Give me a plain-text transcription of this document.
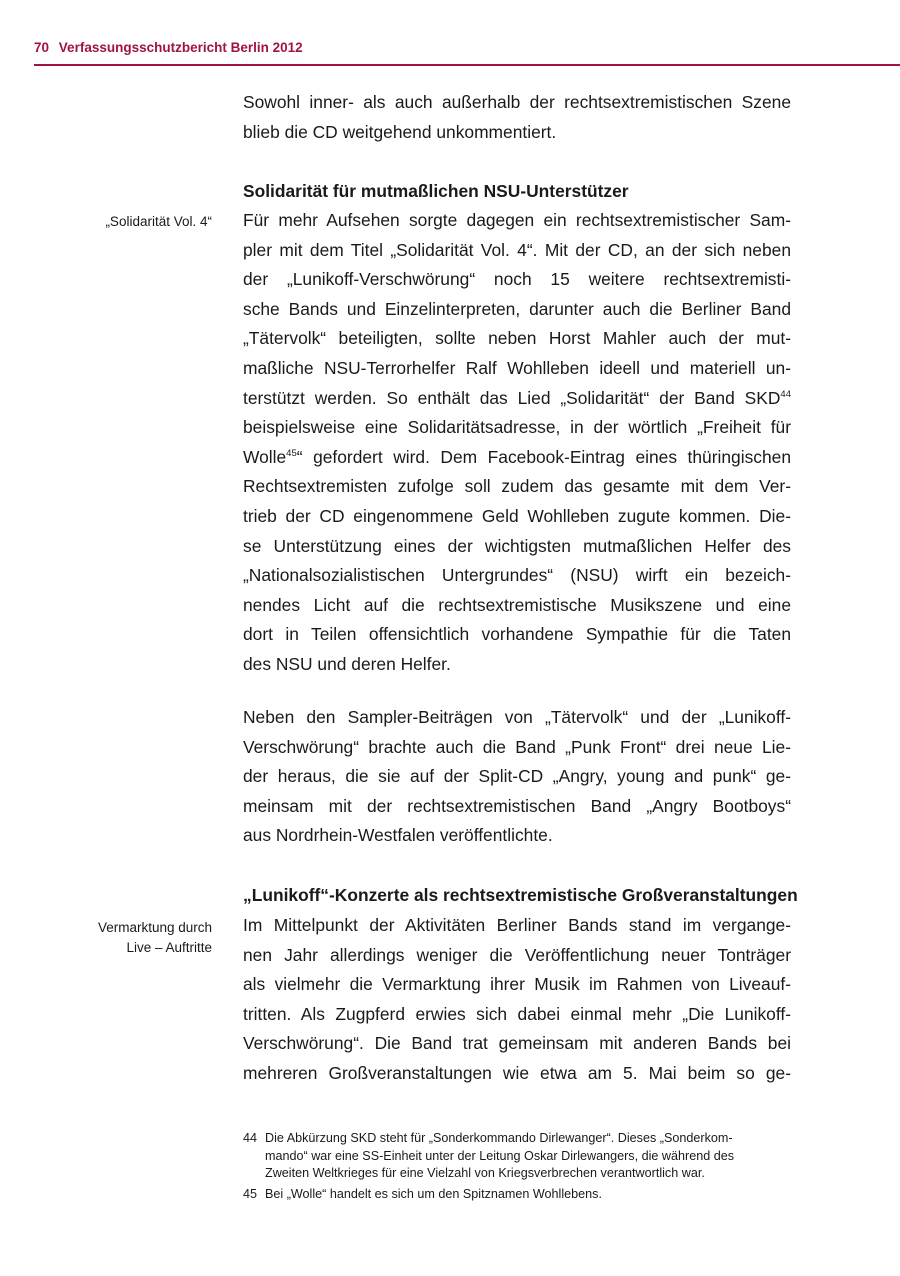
70 Verfassungsschutzbericht Berlin 2012
Sowohl inner- als auch außerhalb der rechtsextremistischen Szene
blieb die CD weitgehend unkommentiert.
Solidarität für mutmaßlichen NSU-Unterstützer
„Solidarität Vol. 4“ Für mehr Aufsehen sorgte dagegen ein rechtsextremistischer Sam-
pler mit dem Titel „Solidarität Vol. 4“. Mit der CD, an der sich neben
der „Lunikoff-Verschwörung“ noch 15 weitere rechtsextremisti-
sche Bands und Einzelinterpreten, darunter auch die Berliner Band
„Tätervolk“ beteiligten, sollte neben Horst Mahler auch der mut-
maßliche NSU-Terrorhelfer Ralf Wohlleben ideell und materiell un-
terstützt werden. So enthält das Lied „Solidarität“ der Band SKD$^{44}$
beispielsweise eine Solidaritätsadresse, in der wörtlich „Freiheit für
Wolle$^{45}$“ gefordert wird. Dem Facebook-Eintrag eines thüringischen
Rechtsextremisten zufolge soll zudem das gesamte mit dem Ver-
trieb der CD eingenommene Geld Wohlleben zugute kommen. Die-
se Unterstützung eines der wichtigsten mutmaßlichen Helfer des
„Nationalsozialistischen Untergrundes“ (NSU) wirft ein bezeich-
nendes Licht auf die rechtsextremistische Musikszene und eine
dort in Teilen offensichtlich vorhandene Sympathie für die Taten
des NSU und deren Helfer.
Neben den Sampler-Beiträgen von „Tätervolk“ und der „Lunikoff-
Verschwörung“ brachte auch die Band „Punk Front“ drei neue Lie-
der heraus, die sie auf der Split-CD „Angry, young and punk“ ge-
meinsam mit der rechtsextremistischen Band „Angry Bootboys“
aus Nordrhein-Westfalen veröffentlichte.
„Lunikoff“-Konzerte als rechtsextremistische Großveranstaltungen
Vermarktung durch
Live – Auftritte
Im Mittelpunkt der Aktivitäten Berliner Bands stand im vergange-
nen Jahr allerdings weniger die Veröffentlichung neuer Tonträger
als vielmehr die Vermarktung ihrer Musik im Rahmen von Liveauf-
tritten. Als Zugpferd erwies sich dabei einmal mehr „Die Lunikoff-
Verschwörung“. Die Band trat gemeinsam mit anderen Bands bei
mehreren Großveranstaltungen wie etwa am 5. Mai beim so ge-
44 Die Abkürzung SKD steht für „Sonderkommando Dirlewanger“. Dieses „Sonderkom-
mando“ war eine SS-Einheit unter der Leitung Oskar Dirlewangers, die während des
Zweiten Weltkrieges für eine Vielzahl von Kriegsverbrechen verantwortlich war.
45 Bei „Wolle“ handelt es sich um den Spitznamen Wohllebens.
